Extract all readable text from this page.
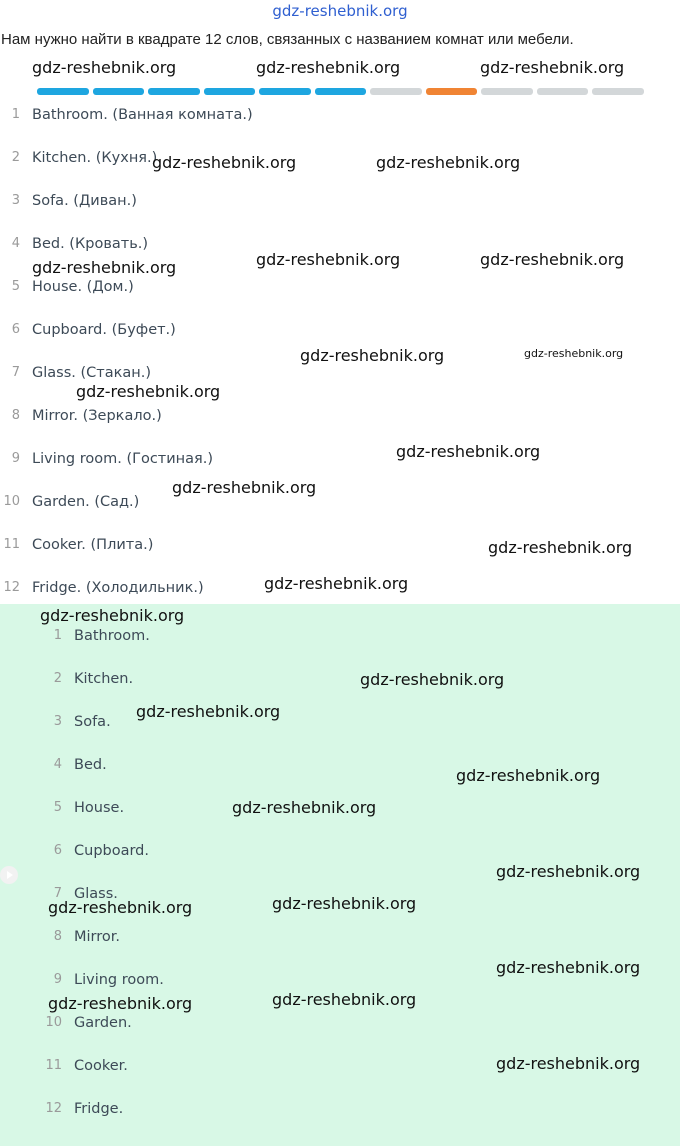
gdz-reshebnik.org
Нам нужно найти в квадрате 12 слов, связанных с названием комнат или мебели.
1 Bathroom. (Ванная комната.)
2 Kitchen. (Кухня.)
3 Sofa. (Диван.)
4 Bed. (Кровать.)
5 House. (Дом.)
6 Cupboard. (Буфет.)
7 Glass. (Стакан.)
8 Mirror. (Зеркало.)
9 Living room. (Гостиная.)
10 Garden. (Сад.)
11 Cooker. (Плита.)
12 Fridge. (Холодильник.)
1 Bathroom.
2 Kitchen.
3 Sofa.
4 Bed.
5 House.
6 Cupboard.
7 Glass.
8 Mirror.
9 Living room.
10 Garden.
11 Cooker.
12 Fridge.
gdz-reshebnik.org	gdz-reshebnik.org	gdz-reshebnik.org
gdz-reshebnik.org	gdz-reshebnik.org
gdz-reshebnik.org	gdz-reshebnik.org	gdz-reshebnik.org
gdz-reshebnik.org	gdz-reshebnik.org
gdz-reshebnik.org
gdz-reshebnik.org
gdz-reshebnik.org
gdz-reshebnik.org
gdz-reshebnik.org
gdz-reshebnik.org
gdz-reshebnik.org
gdz-reshebnik.org
gdz-reshebnik.org
gdz-reshebnik.org
gdz-reshebnik.org
gdz-reshebnik.org	gdz-reshebnik.org
gdz-reshebnik.org
gdz-reshebnik.org	gdz-reshebnik.org
gdz-reshebnik.org
